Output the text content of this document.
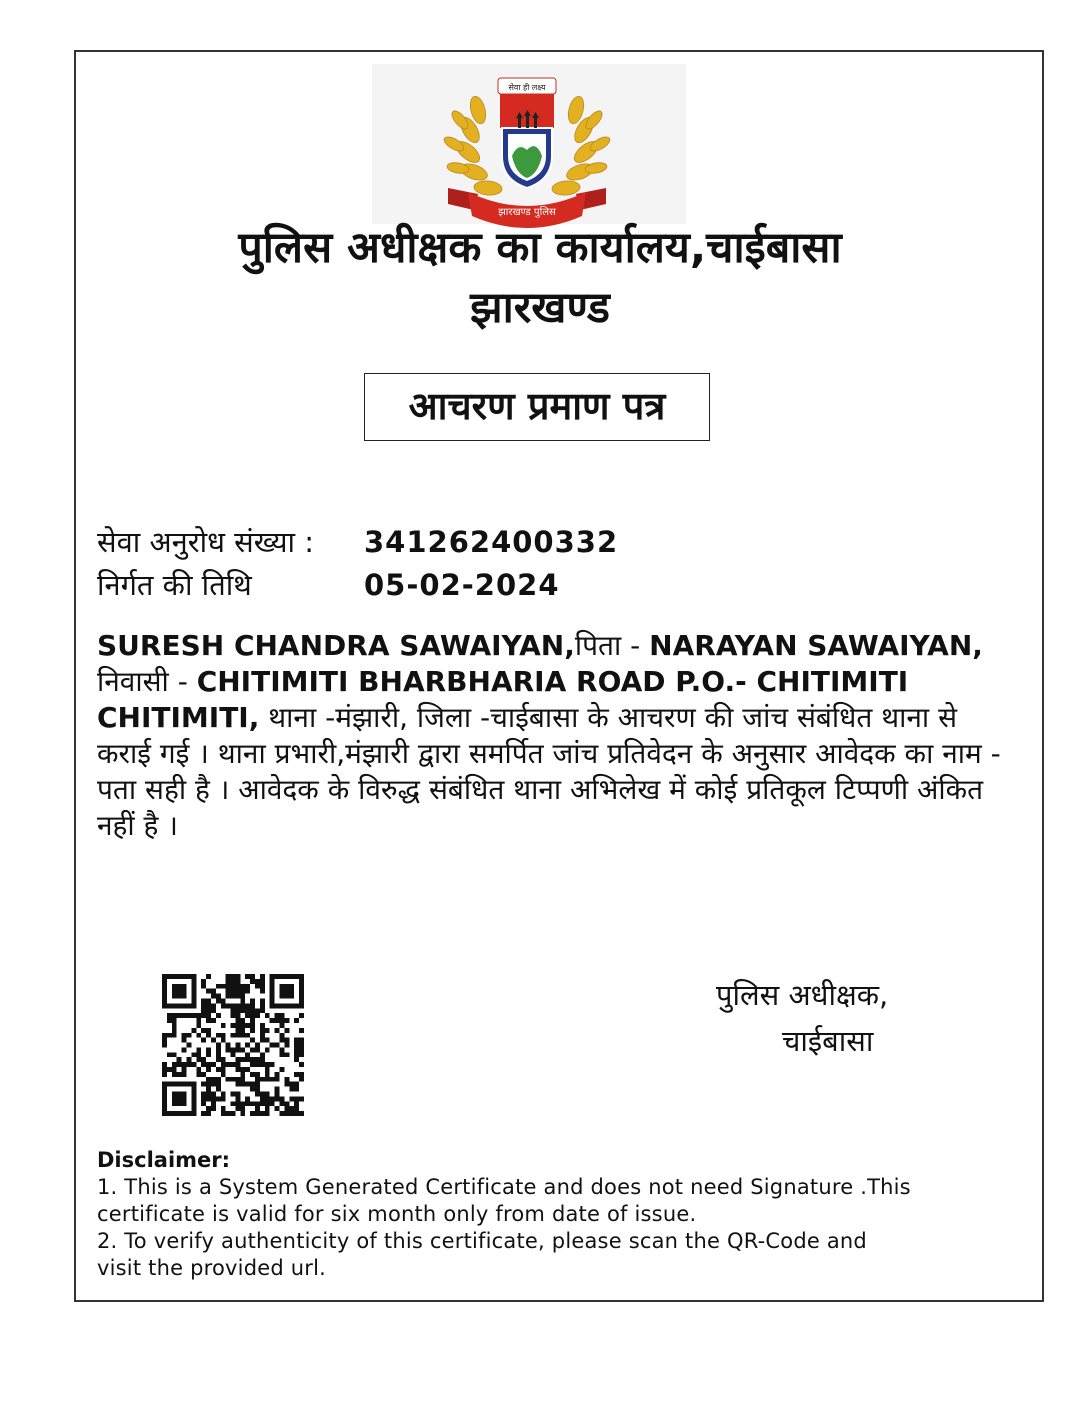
झारखण्ड पुलिस
सेवा ही लक्ष्य
पुलिस अधीक्षक का कार्यालय,चाईबासा
झारखण्ड
आचरण प्रमाण पत्र
सेवा अनुरोध संख्या : 341262400332
निर्गत की तिथि	05-02-2024
SURESH CHANDRA SAWAIYAN,पिता - NARAYAN SAWAIYAN, निवासी - CHITIMITI BHARBHARIA ROAD P.O.- CHITIMITI CHITIMITI, थाना -मंझारी, जिला -चाईबासा के आचरण की जांच संबंधित थाना से कराई गई । थाना प्रभारी,मंझारी द्वारा समर्पित जांच प्रतिवेदन के अनुसार आवेदक का नाम - पता सही है । आवेदक के विरुद्ध संबंधित थाना अभिलेख में कोई प्रतिकूल टिप्पणी अंकित नहीं है ।
पुलिस अधीक्षक,
चाईबासा
Disclaimer:
1. This is a System Generated Certificate and does not need Signature .This
certificate is valid for six month only from date of issue.
2. To verify authenticity of this certificate, please scan the QR-Code and
visit the provided url.
